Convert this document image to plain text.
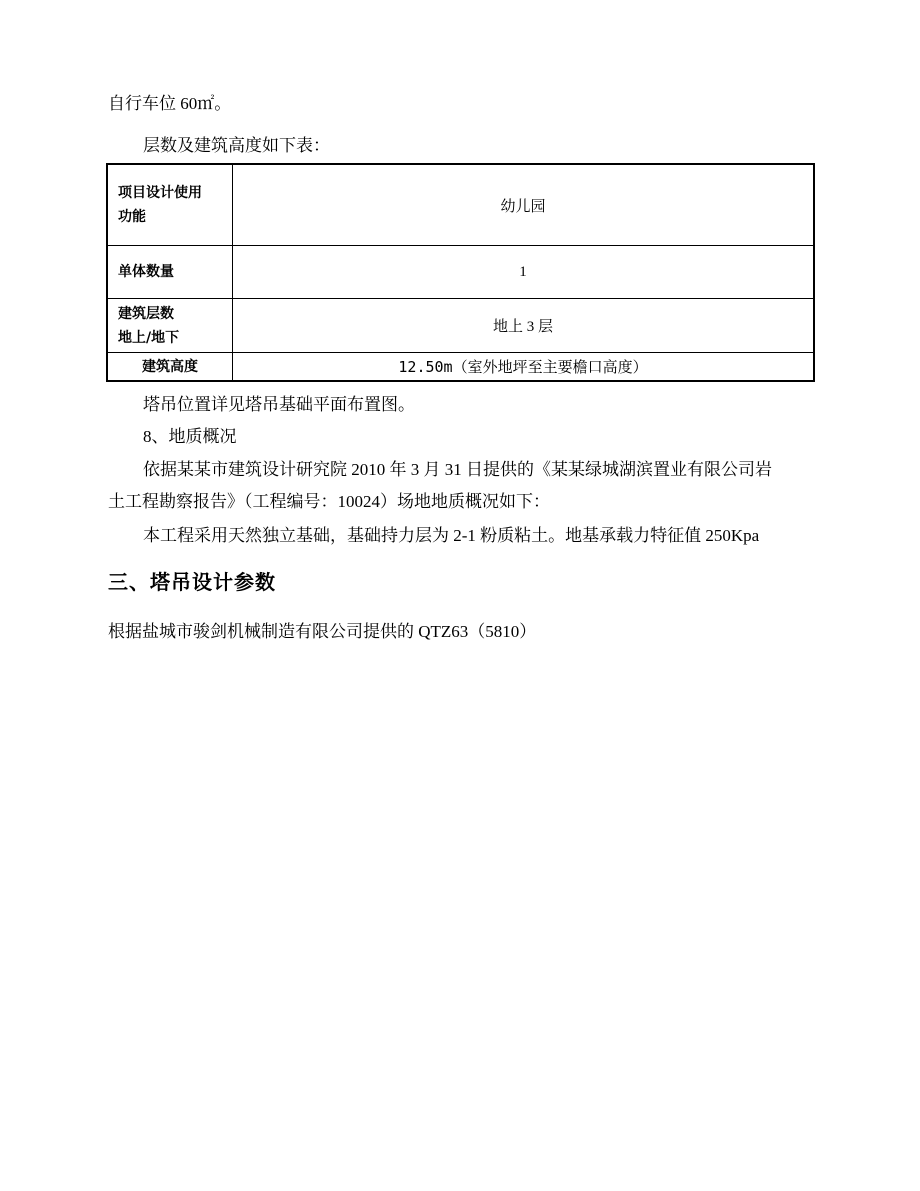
自行车位 60㎡。
层数及建筑高度如下表：
项目设计使用
功能	幼儿园

单体数量	1

建筑层数
地上/地下	地上 3 层

建筑高度	12.50m（室外地坪至主要檐口高度）
塔吊位置详见塔吊基础平面布置图。
8、地质概况
依据某某市建筑设计研究院 2010 年 3 月 31 日提供的《某某绿城湖滨置业有限公司岩
土工程勘察报告》（工程编号：10024）场地地质概况如下：
本工程采用天然独立基础，基础持力层为 2-1 粉质粘土。地基承载力特征值 250Kpa
三、塔吊设计参数
根据盐城市骏剑机械制造有限公司提供的 QTZ63（5810）
